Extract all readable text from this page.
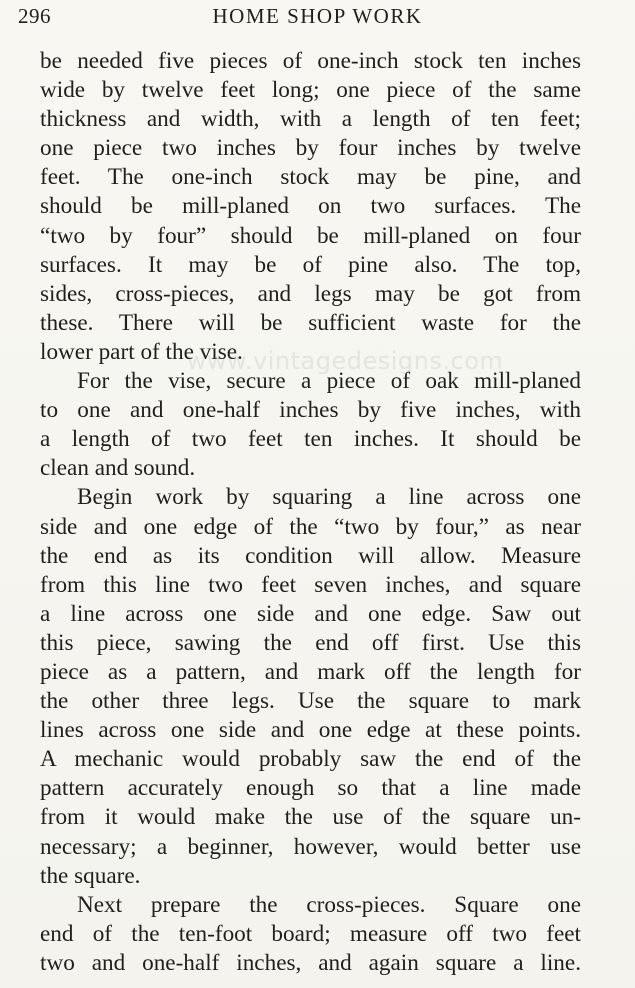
296	HOME SHOP WORK
be needed five pieces of one-inch stock ten inches
wide by twelve feet long; one piece of the same
thickness and width, with a length of ten feet;
one piece two inches by four inches by twelve
feet. The one-inch stock may be pine, and
should be mill-planed on two surfaces. The
“two by four” should be mill-planed on four
surfaces. It may be of pine also. The top,
sides, cross-pieces, and legs may be got from
these. There will be sufficient waste for the
lower part of the vise.
For the vise, secure a piece of oak mill-planed
to one and one-half inches by five inches, with
a length of two feet ten inches. It should be
clean and sound.
Begin work by squaring a line across one
side and one edge of the “two by four,” as near
the end as its condition will allow. Measure
from this line two feet seven inches, and square
a line across one side and one edge. Saw out
this piece, sawing the end off first. Use this
piece as a pattern, and mark off the length for
the other three legs. Use the square to mark
lines across one side and one edge at these points.
A mechanic would probably saw the end of the
pattern accurately enough so that a line made
from it would make the use of the square un-
necessary; a beginner, however, would better use
the square.
Next prepare the cross-pieces. Square one
end of the ten-foot board; measure off two feet
two and one-half inches, and again square a line.
www.vintagedesigns.com
